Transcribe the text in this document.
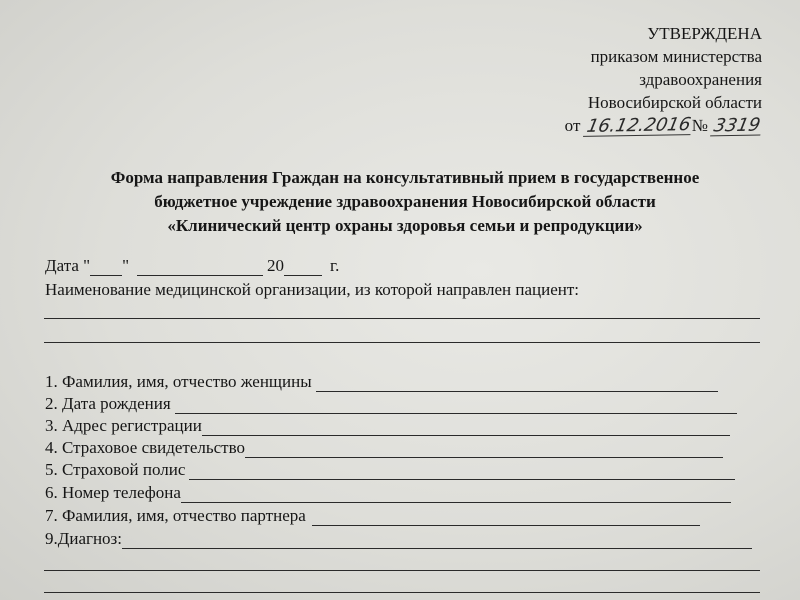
УТВЕРЖДЕНА
приказом министерства
здравоохранения
Новосибирской области
от 16.12.2016№ 3319
Форма направления Граждан на консультативный прием в государственное
бюджетное учреждение здравоохранения Новосибирской области
«Клинический центр охраны здоровья семьи и репродукции»
Дата " "	20	г.
Наименование медицинской организации, из которой направлен пациент:
1. Фамилия, имя, отчество женщины
2. Дата рождения
3. Адрес регистрации
4. Страховое свидетельство
5. Страховой полис
6. Номер телефона
7. Фамилия, имя, отчество партнера
9.Диагноз:
